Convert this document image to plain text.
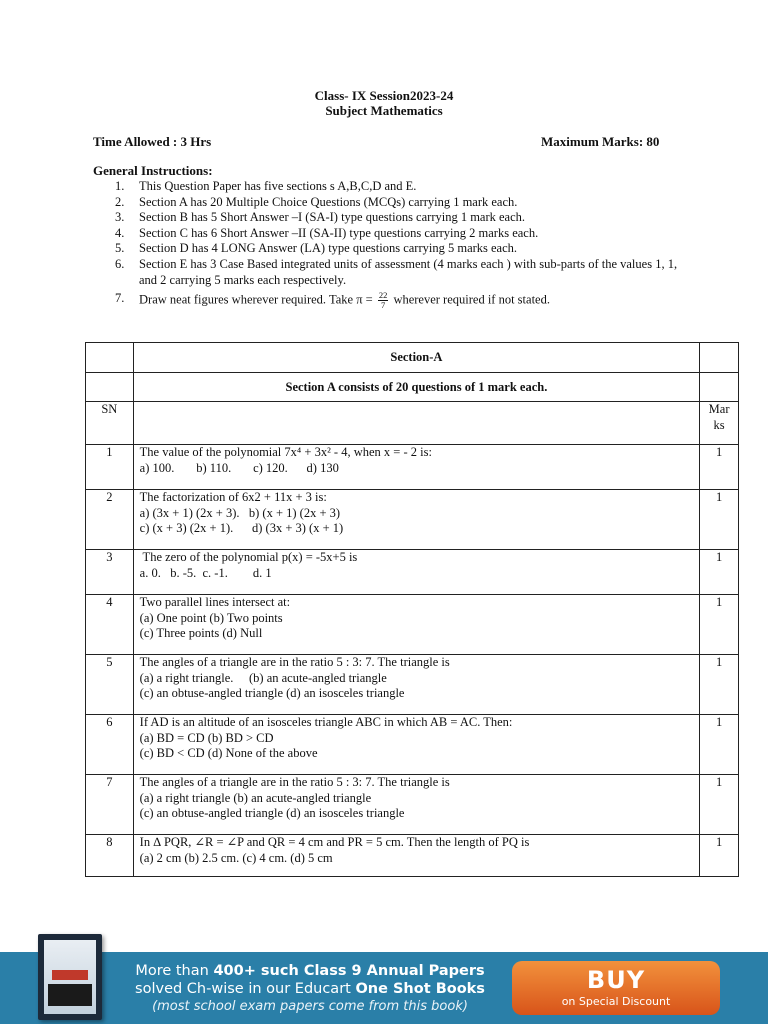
Class- IX Session2023-24
Subject Mathematics
Time Allowed : 3 Hrs	Maximum Marks: 80
General Instructions:
1. This Question Paper has five sections s A,B,C,D and E.
2. Section A has 20 Multiple Choice Questions (MCQs) carrying 1 mark each.
3. Section B has 5 Short Answer –I (SA-I) type questions carrying 1 mark each.
4. Section C has 6 Short Answer –II (SA-II) type questions carrying 2 marks each.
5. Section D has 4 LONG Answer (LA) type questions carrying 5 marks each.
6. Section E has 3 Case Based integrated units of assessment (4 marks each ) with sub-parts of the values 1, 1, and 2 carrying 5 marks each respectively.
7. Draw neat figures wherever required. Take $\pi = \frac{22}{7}$ wherever required if not stated.
	Section-A	
	Section A consists of 20 questions of 1 mark each.	
SN		Mar
ks

1	The value of the polynomial 7x⁴ + 3x² - 4, when x = - 2 is:
a) 100.       b) 110.       c) 120.      d) 130	1
2	The factorization of 6x2 + 11x + 3 is:
a) (3x + 1) (2x + 3).   b) (x + 1) (2x + 3)
c) (x + 3) (2x + 1).      d) (3x + 3) (x + 1)	1
3	The zero of the polynomial p(x) = -5x+5 is
a. 0.   b. -5.  c. -1.        d. 1	1
4	Two parallel lines intersect at:
(a) One point (b) Two points
(c) Three points (d) Null	1
5	The angles of a triangle are in the ratio 5 : 3: 7. The triangle is
(a) a right triangle.     (b) an acute-angled triangle
(c) an obtuse-angled triangle (d) an isosceles triangle	1
6	If AD is an altitude of an isosceles triangle ABC in which AB = AC. Then:
(a) BD = CD (b) BD > CD
(c) BD < CD (d) None of the above	1
7	The angles of a triangle are in the ratio 5 : 3: 7. The triangle is
(a) a right triangle (b) an acute-angled triangle
(c) an obtuse-angled triangle (d) an isosceles triangle	1
8	In ∆ PQR, ∠R = ∠P and QR = 4 cm and PR = 5 cm. Then the length of PQ is
(a) 2 cm (b) 2.5 cm. (c) 4 cm. (d) 5 cm	1
More than 400+ such Class 9 Annual Papers
solved Ch-wise in our Educart One Shot Books
(most school exam papers come from this book)
BUY
on Special Discount
